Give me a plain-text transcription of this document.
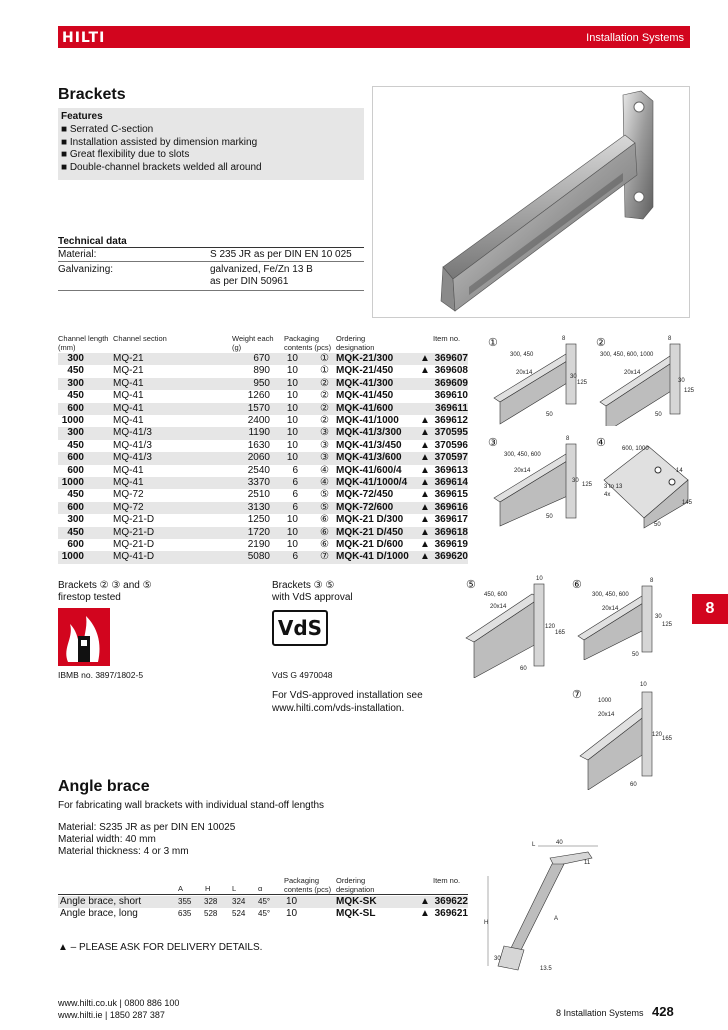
HILTI	Installation Systems
Brackets
Features
■ Serrated C-section
■ Installation assisted by dimension marking
■ Great flexibility due to slots
■ Double-channel brackets welded all around
Technical data
Material:	S 235 JR as per DIN EN 10 025
Galvanizing:	galvanized, Fe/Zn 13 B
as per DIN 50961
Channel length
(mm)
Channel section	Weight each
(g)
Packaging
contents (pcs)
Ordering
designation
Item no.
300	MQ-21	670	10 ① MQK-21/300	▲ 369607
450	MQ-21	890	10 ① MQK-21/450	▲ 369608
300	MQ-41	950	10 ② MQK-41/300	369609
450	MQ-41	1260	10 ② MQK-41/450	369610
600	MQ-41	1570	10 ② MQK-41/600	369611
1000	MQ-41	2400	10 ② MQK-41/1000 ▲ 369612
300	MQ-41/3	1190	10 ③ MQK-41/3/300 ▲ 370595
450	MQ-41/3	1630	10 ③ MQK-41/3/450 ▲ 370596
600	MQ-41/3	2060	10 ③ MQK-41/3/600 ▲ 370597
600	MQ-41	2540	6 ④ MQK-41/600/4 ▲ 369613
1000	MQ-41	3370	6 ④ MQK-41/1000/4 ▲ 369614
450	MQ-72	2510	6 ⑤ MQK-72/450	▲ 369615
600	MQ-72	3130	6 ⑤ MQK-72/600	▲ 369616
300	MQ-21-D	1250	10 ⑥ MQK-21 D/300 ▲ 369617
450	MQ-21-D	1720	10 ⑥ MQK-21 D/450 ▲ 369618
600	MQ-21-D	2190	10 ⑥ MQK-21 D/600 ▲ 369619
1000	MQ-41-D	5080	6 ⑦ MQK-41 D/1000 ▲ 369620
Brackets ② ③ and ⑤
firestop tested
IBMB no. 3897/1802-5
Brackets ③ ⑤
with VdS approval
VdS
VdS G 4970048
For VdS-approved installation see
www.hilti.com/vds-installation.
①
300, 450
20x14
50
125
8
30
②
300, 450, 600, 1000
20x14
50
125
8
30
③
300, 450, 600
20x14
50
125
8
30
④	600, 1000
3 to 13
4x
145
14
50
⑤
450, 600
20x14
60
120
165
10	⑥
300, 450, 600
20x14
50
125
8
30
⑦	1000
20x14
60
120
165
10
8
Angle brace
For fabricating wall brackets with individual stand-off lengths
Material: S235 JR as per DIN EN 10025
Material width: 40 mm
Material thickness: 4 or 3 mm
A	H	L	α
Packaging
contents (pcs)
Ordering
designation
Item no.
Angle brace, short	355 328 324 45° 10	MQK-SK	▲ 369622
Angle brace, long	635 528 524 45° 10	MQK-SL	▲ 369621
L	40
11
A
H
13.5
30
▲ – PLEASE ASK FOR DELIVERY DETAILS.
www.hilti.co.uk | 0800 886 100
www.hilti.ie | 1850 287 387	8 Installation Systems 428
